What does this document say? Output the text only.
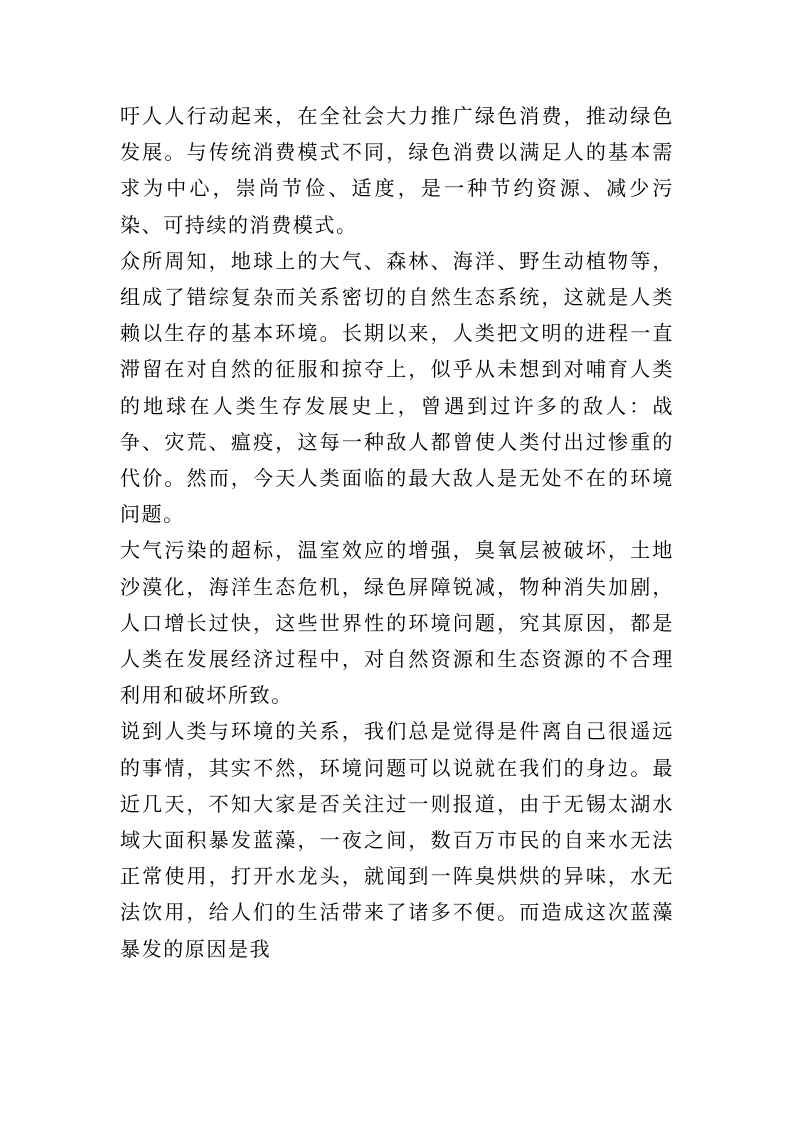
吁人人行动起来，在全社会大力推广绿色消费，推动绿色发展。与传统消费模式不同，绿色消费以满足人的基本需求为中心，崇尚节俭、适度，是一种节约资源、减少污染、可持续的消费模式。

众所周知，地球上的大气、森林、海洋、野生动植物等，组成了错综复杂而关系密切的自然生态系统，这就是人类赖以生存的基本环境。长期以来，人类把文明的进程一直滞留在对自然的征服和掠夺上，似乎从未想到对哺育人类的地球在人类生存发展史上，曾遇到过许多的敌人：战争、灾荒、瘟疫，这每一种敌人都曾使人类付出过惨重的代价。然而，今天人类面临的最大敌人是无处不在的环境问题。

大气污染的超标，温室效应的增强，臭氧层被破坏，土地沙漠化，海洋生态危机，绿色屏障锐减，物种消失加剧，人口增长过快，这些世界性的环境问题，究其原因，都是人类在发展经济过程中，对自然资源和生态资源的不合理利用和破坏所致。

说到人类与环境的关系，我们总是觉得是件离自己很遥远的事情，其实不然，环境问题可以说就在我们的身边。最近几天，不知大家是否关注过一则报道，由于无锡太湖水域大面积暴发蓝藻，一夜之间，数百万市民的自来水无法正常使用，打开水龙头，就闻到一阵臭烘烘的异味，水无法饮用，给人们的生活带来了诸多不便。而造成这次蓝藻暴发的原因是我
